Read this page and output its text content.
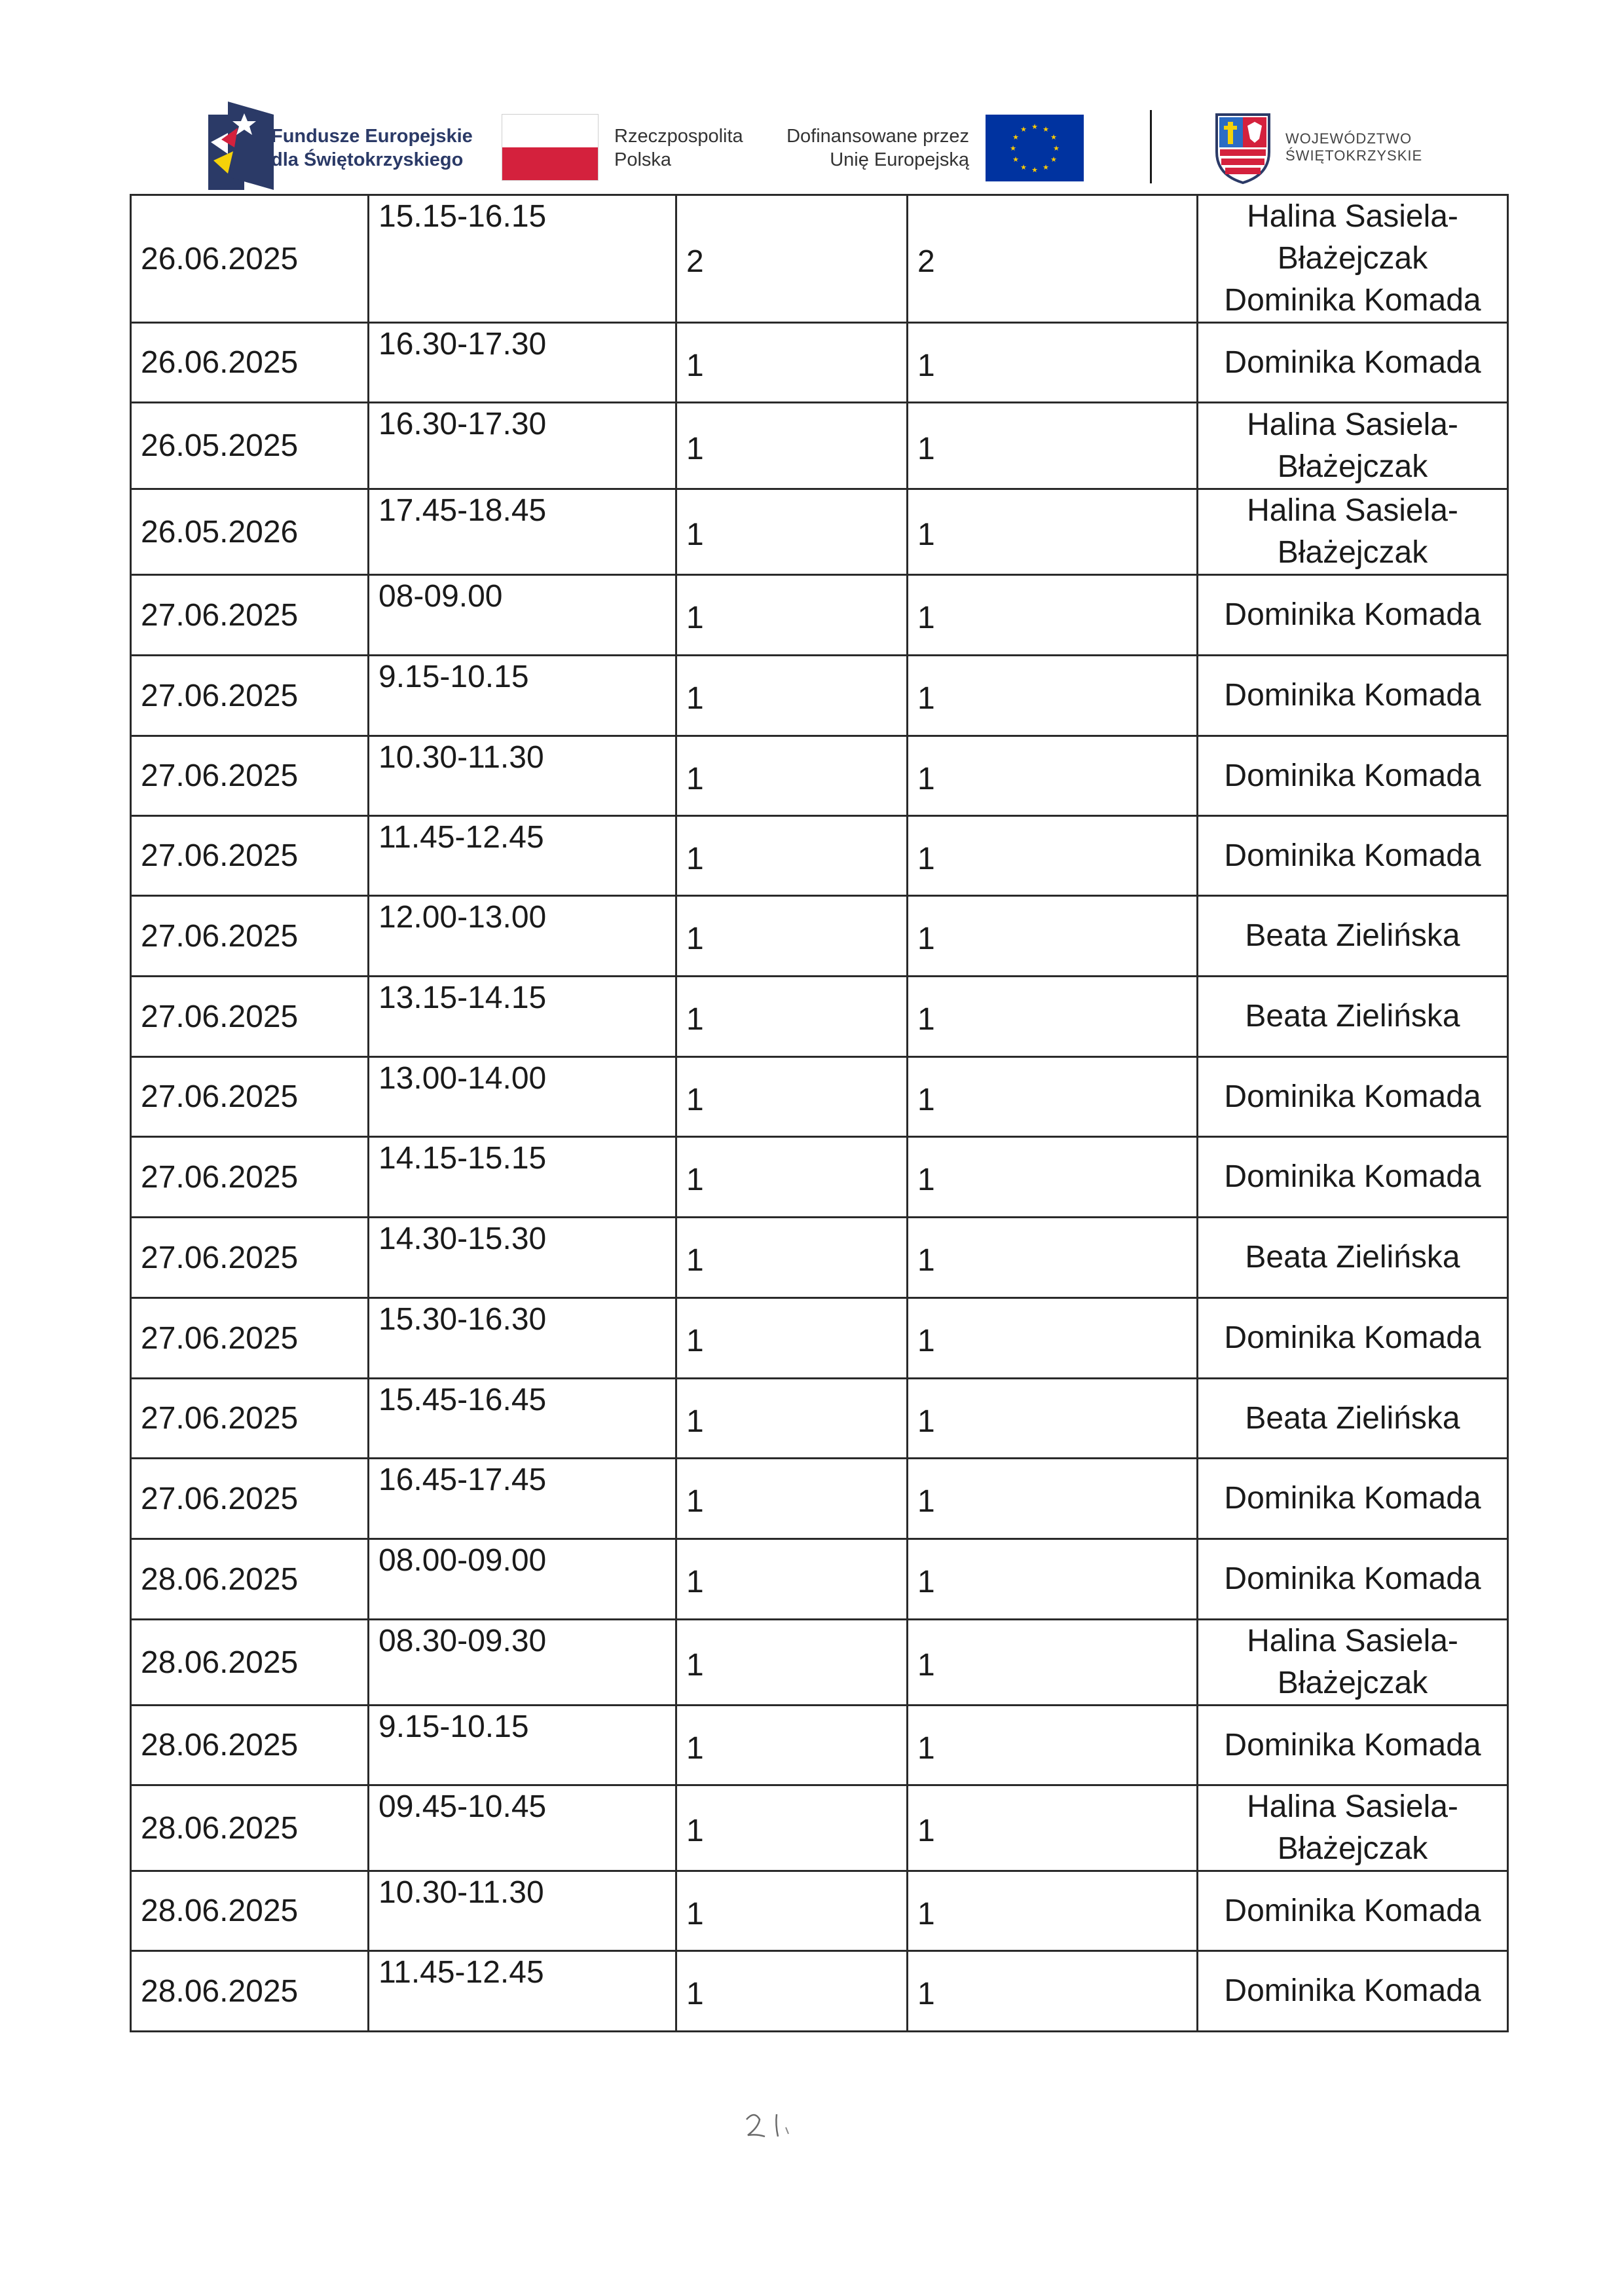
Fundusze Europejskie
dla Świętokrzyskiego
Rzeczpospolita
Polska
Dofinansowane przez
Unię Europejską
★ ★
★
★
★
★
★
★
★
★
★
★
WOJEWÓDZTWO
ŚWIĘTOKRZYSKIE
26.06.2025	15.15-16.15	2	2	Halina Sasiela-
Błażejczak
Dominika Komada
26.06.2025	16.30-17.30	1	1	Dominika Komada
26.05.2025	16.30-17.30	1	1	Halina Sasiela-
Błażejczak
26.05.2026	17.45-18.45	1	1	Halina Sasiela-
Błażejczak
27.06.2025	08-09.00	1	1	Dominika Komada
27.06.2025	9.15-10.15	1	1	Dominika Komada
27.06.2025	10.30-11.30	1	1	Dominika Komada
27.06.2025	11.45-12.45	1	1	Dominika Komada
27.06.2025	12.00-13.00	1	1	Beata Zielińska
27.06.2025	13.15-14.15	1	1	Beata Zielińska
27.06.2025	13.00-14.00	1	1	Dominika Komada
27.06.2025	14.15-15.15	1	1	Dominika Komada
27.06.2025	14.30-15.30	1	1	Beata Zielińska
27.06.2025	15.30-16.30	1	1	Dominika Komada
27.06.2025	15.45-16.45	1	1	Beata Zielińska
27.06.2025	16.45-17.45	1	1	Dominika Komada
28.06.2025	08.00-09.00	1	1	Dominika Komada
28.06.2025	08.30-09.30	1	1	Halina Sasiela-
Błażejczak
28.06.2025	9.15-10.15	1	1	Dominika Komada
28.06.2025	09.45-10.45	1	1	Halina Sasiela-
Błażejczak
28.06.2025	10.30-11.30	1	1	Dominika Komada
28.06.2025	11.45-12.45	1	1	Dominika Komada
2 1
